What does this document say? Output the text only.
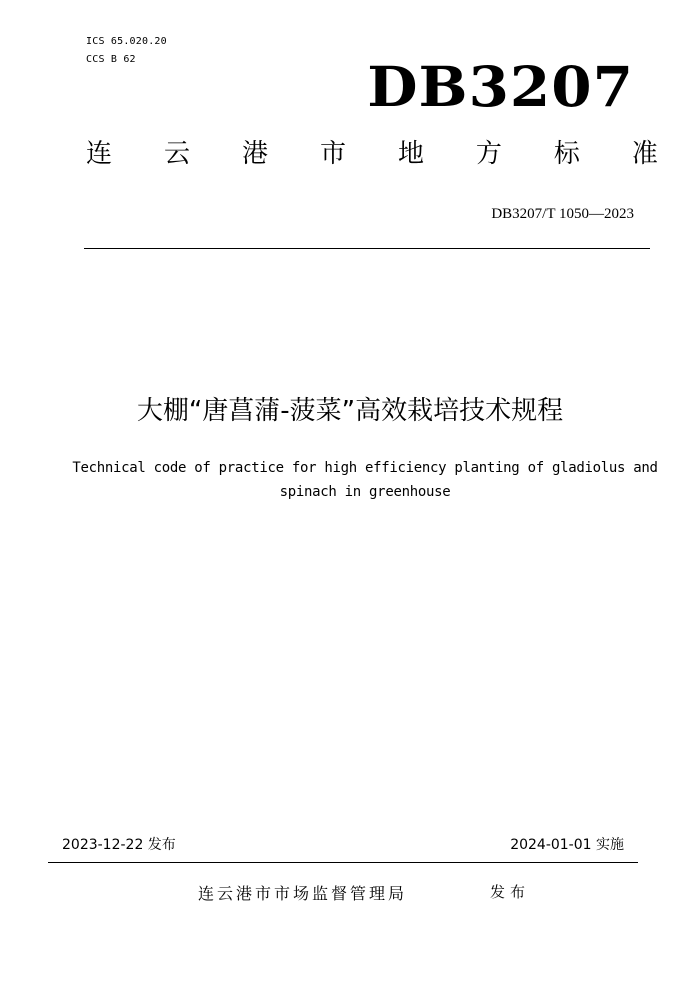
ICS 65.020.20
CCS B 62	DB3207
连 云 港 市 地 方 标 准
DB3207/T 1050—2023
大棚“唐菖蒲-菠菜”高效栽培技术规程
Technical code of practice for high efficiency planting of gladiolus and
spinach in greenhouse
2023-12-22 发布	2024-01-01 实施
连云港市市场监督管理局	发布
